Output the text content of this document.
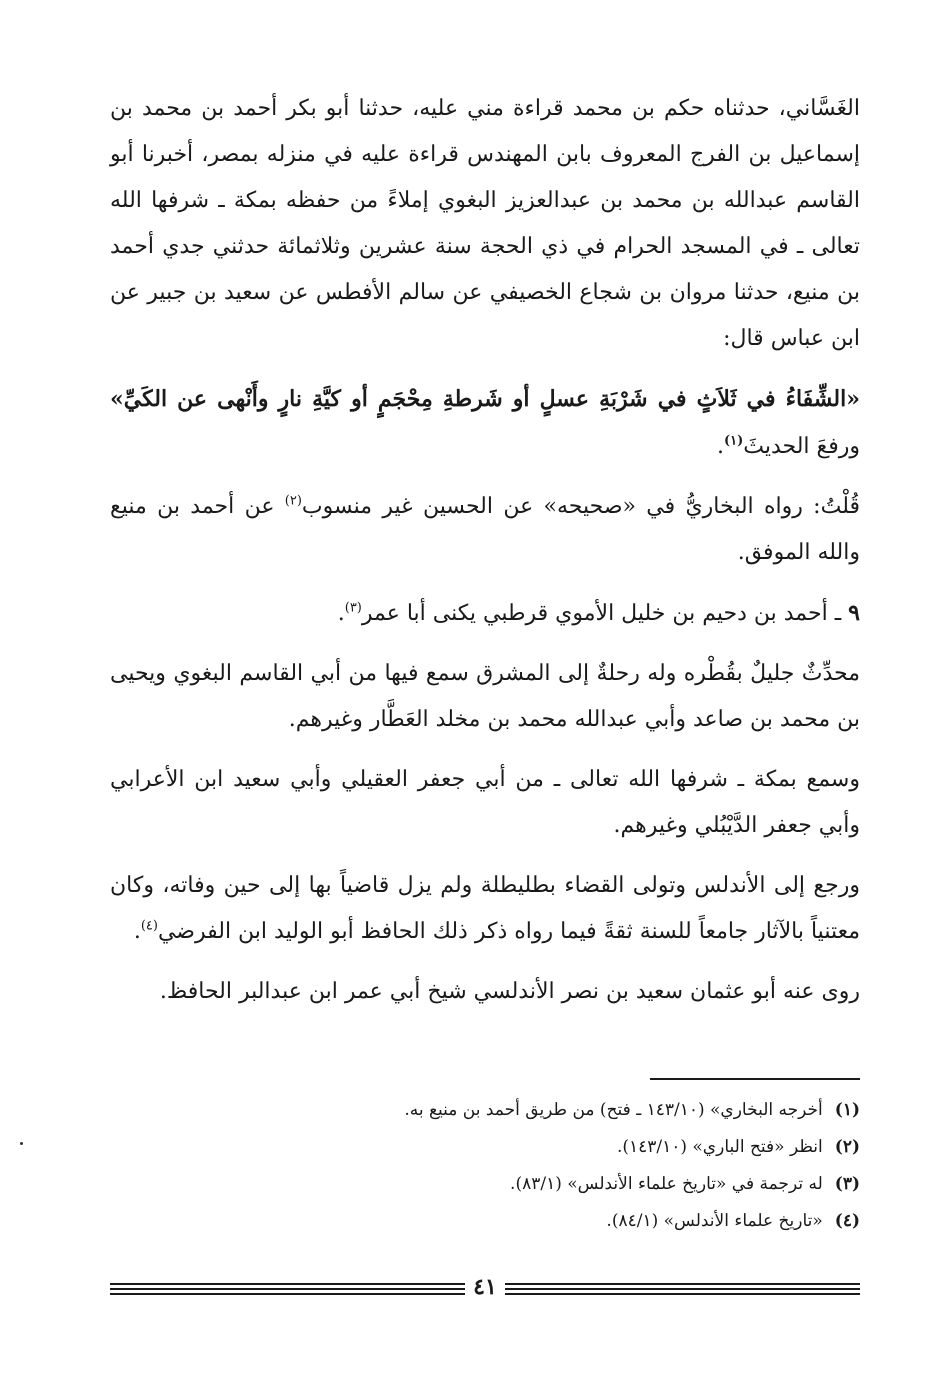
الغَسَّاني، حدثناه حكم بن محمد قراءة مني عليه، حدثنا أبو بكر أحمد بن محمد بن إسماعيل بن الفرج المعروف بابن المهندس قراءة عليه في منزله بمصر، أخبرنا أبو القاسم عبدالله بن محمد بن عبدالعزيز البغوي إملاءً من حفظه بمكة ـ شرفها الله تعالى ـ في المسجد الحرام في ذي الحجة سنة عشرين وثلاثمائة حدثني جدي أحمد بن منيع، حدثنا مروان بن شجاع الخصيفي عن سالم الأفطس عن سعيد بن جبير عن ابن عباس قال:

«الشِّفَاءُ في ثَلاَثٍ في شَرْبَةِ عسلٍ أو شَرطةِ مِحْجَمٍ أو كيَّةِ نارٍ وأَنْهى عن الكَيِّ» ورفعَ الحديثَ$^{(١)}$.

قُلْتُ: رواه البخاريُّ في «صحيحه» عن الحسين غير منسوب$^{(٢)}$ عن أحمد بن منيع والله الموفق.

٩ ـ أحمد بن دحيم بن خليل الأموي قرطبي يكنى أبا عمر$^{(٣)}$.

محدِّثٌ جليلٌ بقُطْره وله رحلةٌ إلى المشرق سمع فيها من أبي القاسم البغوي ويحيى بن محمد بن صاعد وأبي عبدالله محمد بن مخلد العَطَّار وغيرهم.

وسمع بمكة ـ شرفها الله تعالى ـ من أبي جعفر العقيلي وأبي سعيد ابن الأعرابي وأبي جعفر الدَّيْبُلي وغيرهم.

ورجع إلى الأندلس وتولى القضاء بطليطلة ولم يزل قاضياً بها إلى حين وفاته، وكان معتنياً بالآثار جامعاً للسنة ثقةً فيما رواه ذكر ذلك الحافظ أبو الوليد ابن الفرضي$^{(٤)}$.

روى عنه أبو عثمان سعيد بن نصر الأندلسي شيخ أبي عمر ابن عبدالبر الحافظ.

(١)أخرجه البخاري» (١٤٣/١٠ ـ فتح) من طريق أحمد بن منيع به.

(٢)انظر «فتح الباري» (١٤٣/١٠).

(٣)له ترجمة في «تاريخ علماء الأندلس» (٨٣/١).

(٤)«تاريخ علماء الأندلس» (٨٤/١).

٤١
